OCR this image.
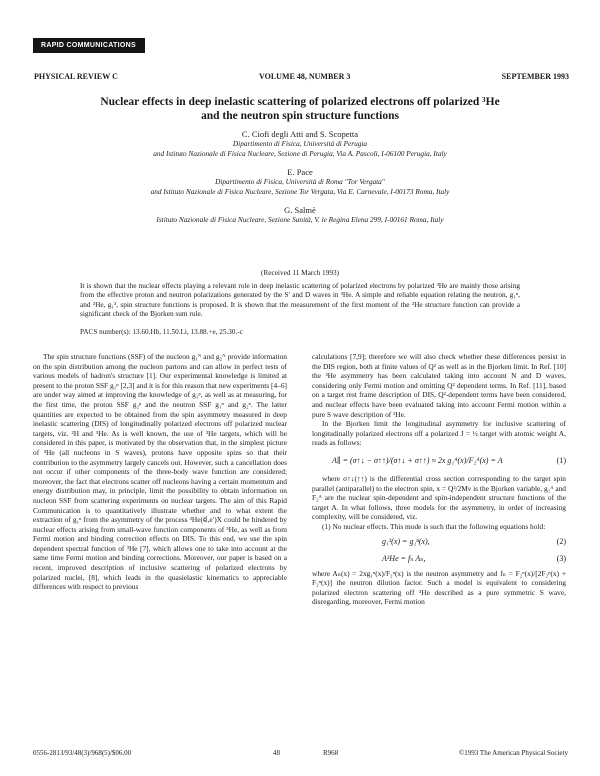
RAPID COMMUNICATIONS
PHYSICAL REVIEW C	VOLUME 48, NUMBER 3	SEPTEMBER 1993
Nuclear effects in deep inelastic scattering of polarized electrons off polarized ³He
and the neutron spin structure functions
C. Ciofi degli Atti and S. Scopetta
Dipartimento di Fisica, Università di Perugia
and Istituto Nazionale di Fisica Nucleare, Sezione di Perugia, Via A. Pascoli, I-06100 Perugia, Italy
E. Pace
Dipartimento di Fisica, Università di Roma "Tor Vergata"
and Istituto Nazionale di Fisica Nucleare, Sezione Tor Vergata, Via E. Carnevale, I-00173 Roma, Italy
G. Salmè
Istituto Nazionale di Fisica Nucleare, Sezione Sanità, V. le Regina Elena 299, I-00161 Roma, Italy
(Received 11 March 1993)
It is shown that the nuclear effects playing a relevant role in deep inelastic scattering of polarized electrons by polarized ³He are mainly those arising from the effective proton and neutron polarizations generated by the S′ and D waves in ³He. A simple and reliable equation relating the neutron, g₁ⁿ, and ³He, g₁³, spin structure functions is proposed. It is shown that the measurement of the first moment of the ³He structure function can provide a significant check of the Bjorken sum rule.
PACS number(s): 13.60.Hb, 11.50.Li, 13.88.+e, 25.30.-c

The spin structure functions (SSF) of the nucleon g₁ᴺ and g₂ᴺ provide information on the spin distribution among the nucleon partons and can allow in perfect tests of various models of hadron's structure [1]. Our experimental knowledge is limited at present to the proton SSF g₁ᵖ [2,3] and it is for this reason that new experiments [4–6] are under way aimed at improving the knowledge of g₁ᵖ, as well as at measuring, for the first time, the proton SSF g₂ᵖ and the neutron SSF g₁ⁿ and g₂ⁿ. The latter quantities are expected to be obtained from the spin asymmetry measured in deep inelastic scattering (DIS) of longitudinally polarized electrons off polarized nuclear targets, viz. ²H and ³He. As is well known, the use of ³He targets, which will be considered in this paper, is motivated by the observation that, in the simplest picture of ³He (all nucleons in S waves), protons have opposite spins so that their contribution to the asymmetry largely cancels out. However, such a cancellation does not occur if other components of the three-body wave function are considered; moreover, the fact that electrons scatter off nucleons having a certain momentum and energy distribution may, in principle, limit the possibility to obtain information on nucleon SSF from scattering experiments on nuclear targets. The aim of this Rapid Communication is to quantitatively illustrate whether and to what extent the extraction of g₁ⁿ from the asymmetry of the process ³He(e⃗,e′)X could be hindered by nuclear effects arising from small-wave function components of ³He, as well as from Fermi motion and binding correction effects on DIS. To this end, we use the spin dependent spectral function of ³He [7], which allows one to take into account at the same time Fermi motion and binding corrections. Moreover, our paper is based on a recent, improved description of inclusive scattering of polarized electrons by polarized nuclei, [8], which leads in the quasielastic kinematics to appreciable differences with respect to previous

calculations [7,9]; therefore we will also check whether these differences persist in the DIS region, both at finite values of Q² as well as in the Bjorken limit. In Ref. [10] the ³He asymmetry has been calculated taking into account N and D waves, considering only Fermi motion and omitting Q² dependent terms. In Ref. [11], based on a target rest frame description of DIS, Q²-dependent terms have been considered, and nuclear effects have been evaluated taking into account Fermi motion within a pure S wave description of ³He.

In the Bjorken limit the longitudinal asymmetry for inclusive scattering of longitudinally polarized electrons off a polarized J = ½ target with atomic weight A, reads as follows:

A∥ = (σ↑↓ − σ↑↑)/(σ↑↓ + σ↑↑) ≈ 2x g₁ᴬ(x)/F₂ᴬ(x) = A	(1)

where σ↑↓(↑↑) is the differential cross section corresponding to the target spin parallel (antiparallel) to the electron spin, x = Q²/2Mν is the Bjorken variable, g₁ᴬ and F₂ᴬ are the nuclear spin-dependent and spin-independent structure functions of the target A. In what follows, three models for the asymmetry, in order of increasing complexity, will be considered, viz.

(1) No nuclear effects. This mode is such that the following equations hold:

g₁³(x) = g₁ⁿ(x),	(2)
A³He = fₙ Aₙ,	(3)

where Aₙ(x) = 2xg₁ⁿ(x)/F₂ⁿ(x) is the neutron asymmetry and fₙ = F₂ⁿ(x)/[2F₂ᵖ(x) + F₂ⁿ(x)] the neutron dilution factor. Such a model is equivalent to considering polarized electron scattering off ³He described as a pure symmetric S wave, disregarding, moreover, Fermi motion

0556-2813/93/48(3)/968(5)/$06.00	48	R968	©1993 The American Physical Society
